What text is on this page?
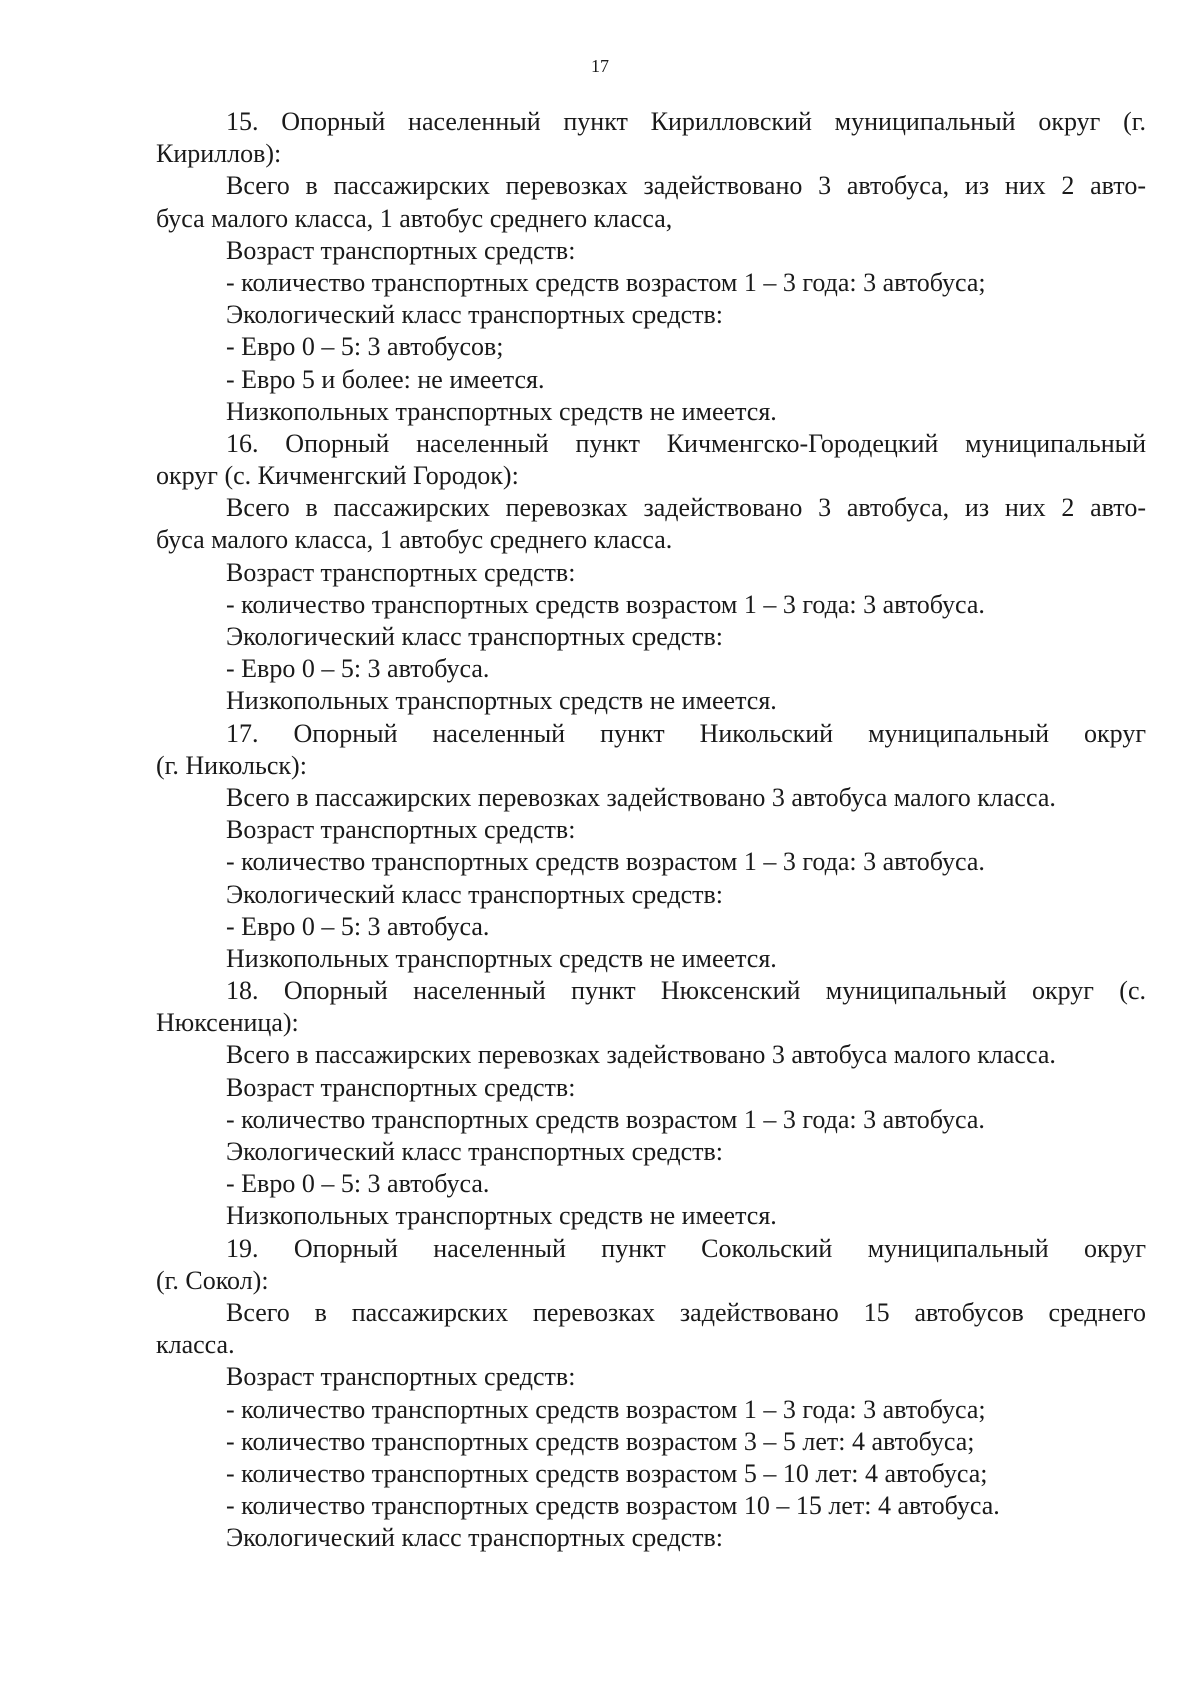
17
15. Опорный населенный пункт Кирилловский муниципальный округ (г.
Кириллов):
Всего в пассажирских перевозках задействовано 3 автобуса, из них 2 авто-
буса малого класса, 1 автобус среднего класса,
Возраст транспортных средств:
- количество транспортных средств возрастом 1 – 3 года: 3 автобуса;
Экологический класс транспортных средств:
- Евро 0 – 5: 3 автобусов;
- Евро 5 и более: не имеется.
Низкопольных транспортных средств не имеется.
16. Опорный населенный пункт Кичменгско-Городецкий муниципальный
округ (с. Кичменгский Городок):
Всего в пассажирских перевозках задействовано 3 автобуса, из них 2 авто-
буса малого класса, 1 автобус среднего класса.
Возраст транспортных средств:
- количество транспортных средств возрастом 1 – 3 года: 3 автобуса.
Экологический класс транспортных средств:
- Евро 0 – 5: 3 автобуса.
Низкопольных транспортных средств не имеется.
17. Опорный населенный пункт Никольский муниципальный округ
(г. Никольск):
Всего в пассажирских перевозках задействовано 3 автобуса малого класса.
Возраст транспортных средств:
- количество транспортных средств возрастом 1 – 3 года: 3 автобуса.
Экологический класс транспортных средств:
- Евро 0 – 5: 3 автобуса.
Низкопольных транспортных средств не имеется.
18. Опорный населенный пункт Нюксенский муниципальный округ (с.
Нюксеница):
Всего в пассажирских перевозках задействовано 3 автобуса малого класса.
Возраст транспортных средств:
- количество транспортных средств возрастом 1 – 3 года: 3 автобуса.
Экологический класс транспортных средств:
- Евро 0 – 5: 3 автобуса.
Низкопольных транспортных средств не имеется.
19. Опорный населенный пункт Сокольский муниципальный округ
(г. Сокол):
Всего в пассажирских перевозках задействовано 15 автобусов среднего
класса.
Возраст транспортных средств:
- количество транспортных средств возрастом 1 – 3 года: 3 автобуса;
- количество транспортных средств возрастом 3 – 5 лет: 4 автобуса;
- количество транспортных средств возрастом 5 – 10 лет: 4 автобуса;
- количество транспортных средств возрастом 10 – 15 лет: 4 автобуса.
Экологический класс транспортных средств:
